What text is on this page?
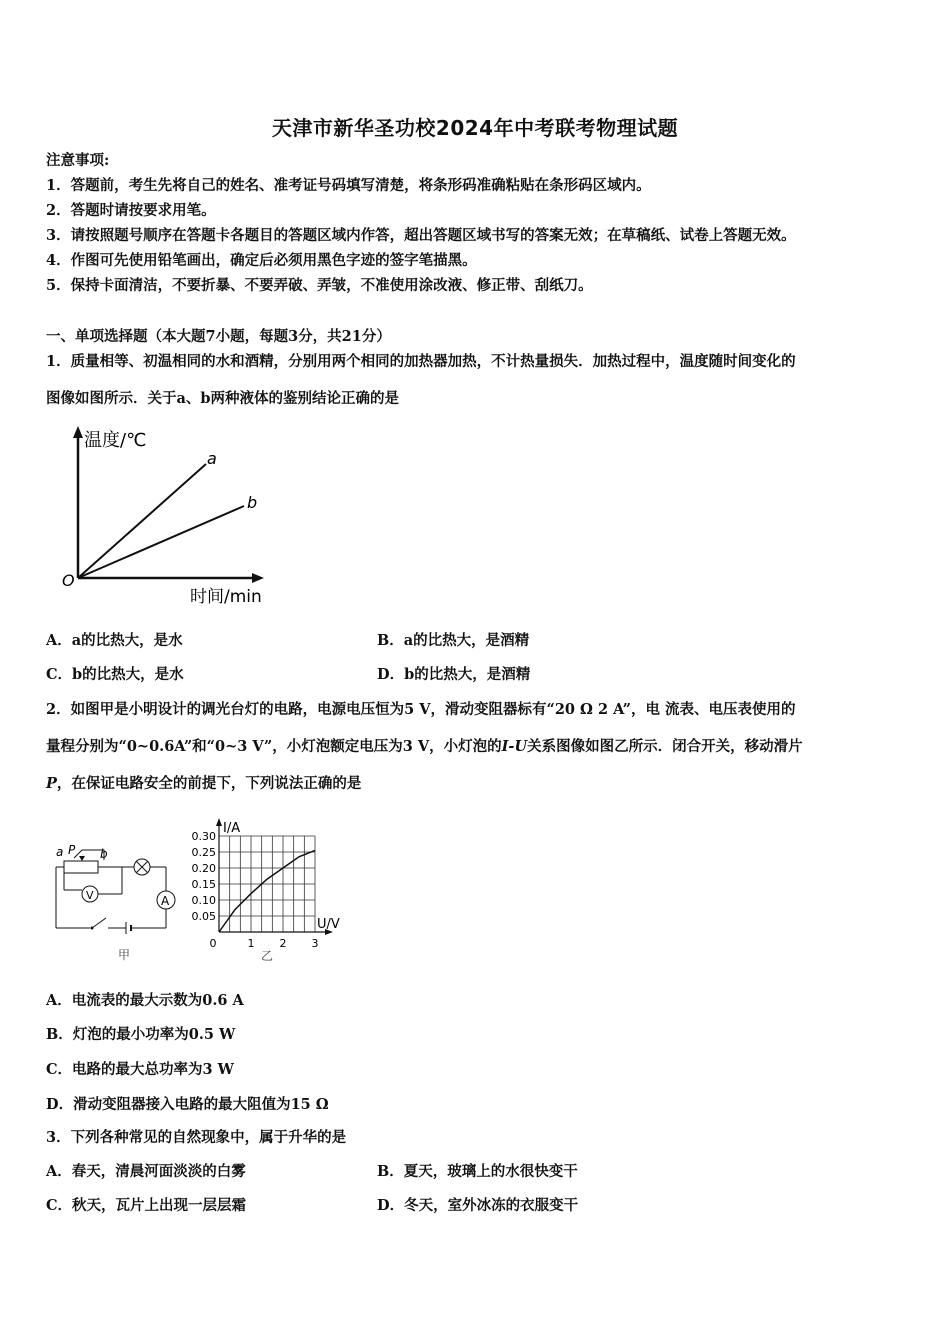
天津市新华圣功校2024年中考联考物理试题
注意事项:
1．答题前，考生先将自己的姓名、准考证号码填写清楚，将条形码准确粘贴在条形码区域内。
2．答题时请按要求用笔。
3．请按照题号顺序在答题卡各题目的答题区域内作答，超出答题区域书写的答案无效；在草稿纸、试卷上答题无效。
4．作图可先使用铅笔画出，确定后必须用黑色字迹的签字笔描黑。
5．保持卡面清洁，不要折暴、不要弄破、弄皱，不准使用涂改液、修正带、刮纸刀。
一、单项选择题（本大题7小题，每题3分，共21分）
1．质量相等、初温相同的水和酒精，分别用两个相同的加热器加热，不计热量损失．加热过程中，温度随时间变化的
图像如图所示．关于a、b两种液体的鉴别结论正确的是
温度/℃
时间/min
O
a
b
A．a的比热大，是水	B．a的比热大，是酒精
C．b的比热大，是水	D．b的比热大，是酒精
2．如图甲是小明设计的调光台灯的电路，电源电压恒为5 V，滑动变阻器标有“20 Ω 2 A”，电 流表、电压表使用的
量程分别为“0~0.6A”和“0~3 V”，小灯泡额定电压为3 V，小灯泡的I-U关系图像如图乙所示．闭合开关，移动滑片
P，在保证电路安全的前提下，下列说法正确的是
a P b
A
V
甲	乙
I/A
U/V
0.05
0.10
0.15
0.20
0.25
0.30
0	1 2 3
A．电流表的最大示数为0.6 A
B．灯泡的最小功率为0.5 W
C．电路的最大总功率为3 W
D．滑动变阻器接入电路的最大阻值为15 Ω
3．下列各种常见的自然现象中，属于升华的是
A．春天，清晨河面淡淡的白雾	B．夏天，玻璃上的水很快变干
C．秋天，瓦片上出现一层层霜	D．冬天，室外冰冻的衣服变干
